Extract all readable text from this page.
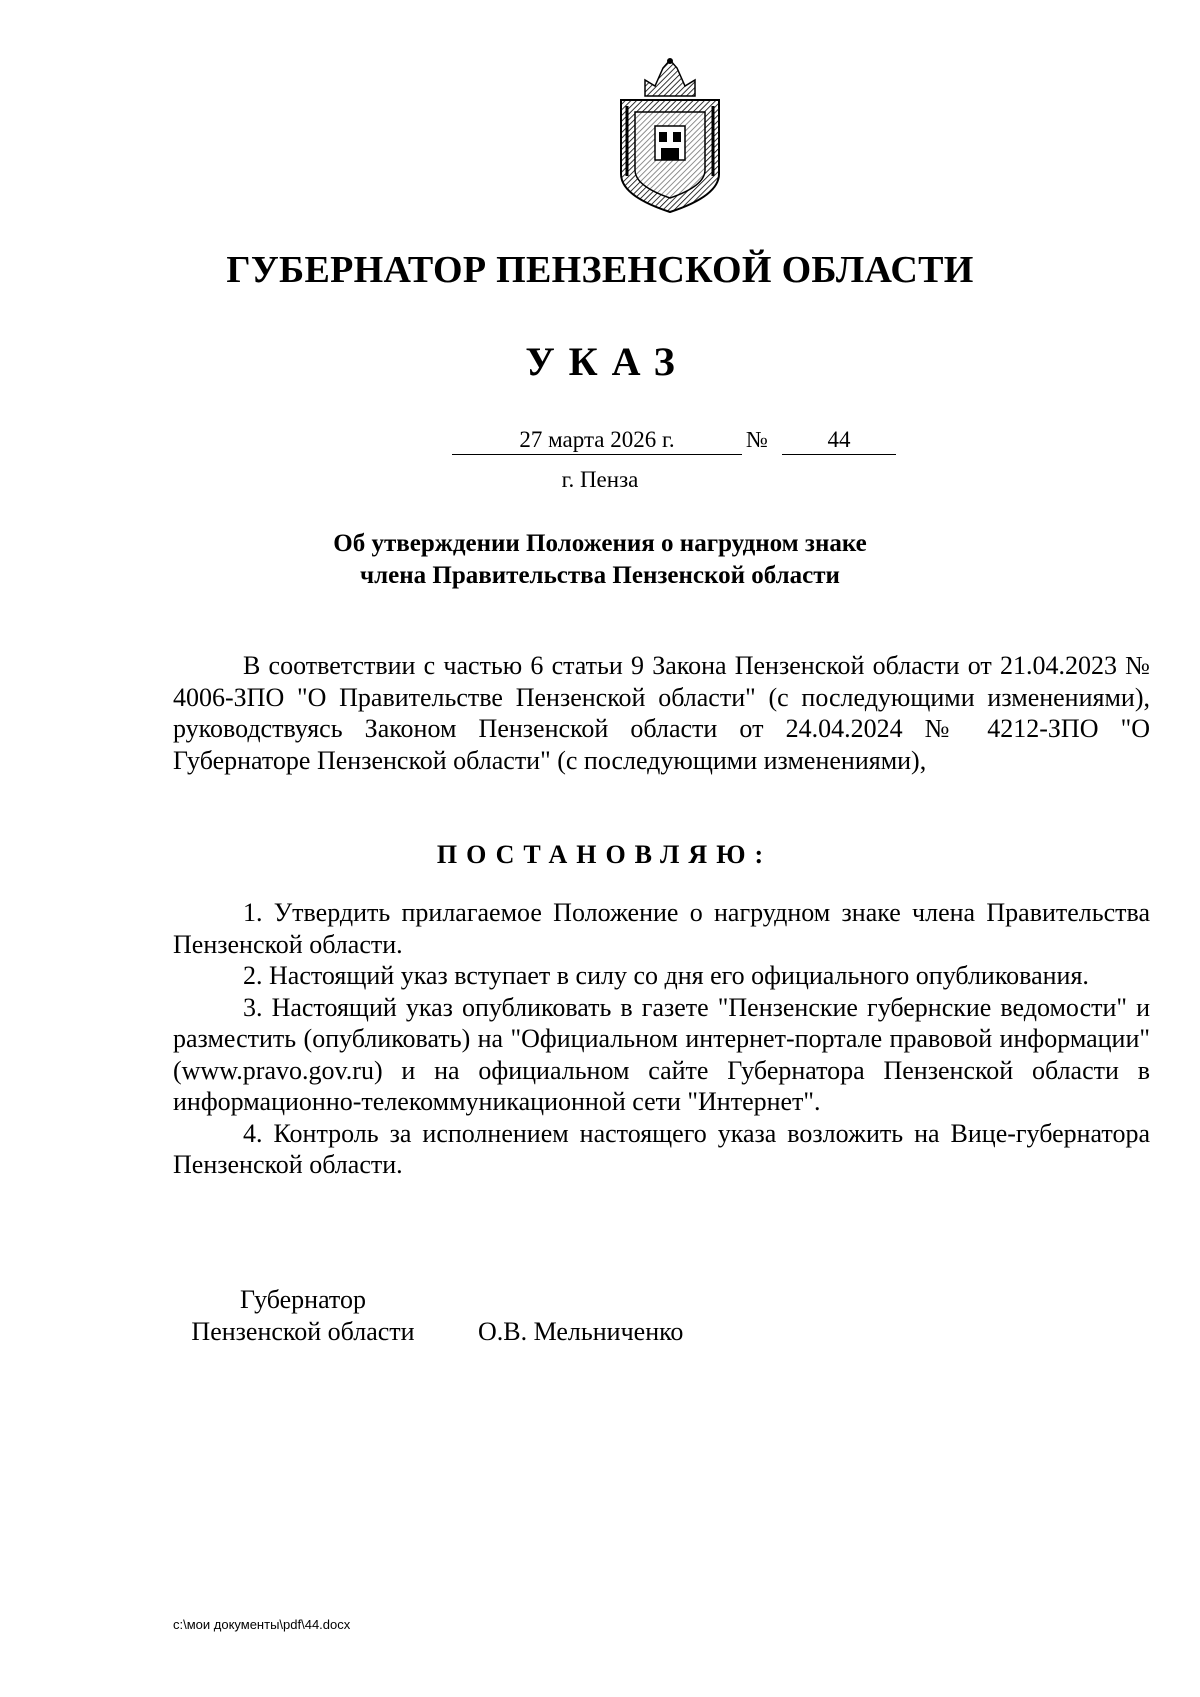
ГУБЕРНАТОР ПЕНЗЕНСКОЙ ОБЛАСТИ
УКАЗ
27 марта 2026 г.	№	44
г. Пенза
Об утверждении Положения о нагрудном знаке
члена Правительства Пензенской области

В соответствии с частью 6 статьи 9 Закона Пензенской области от 21.04.2023 № 4006-ЗПО "О Правительстве Пензенской области" (с последующими изменениями), руководствуясь Законом Пензенской области от 24.04.2024 № 4212-ЗПО "О Губернаторе Пензенской области" (с последующими изменениями),

ПОСТАНОВЛЯЮ:

1. Утвердить прилагаемое Положение о нагрудном знаке члена Правительства Пензенской области.

2. Настоящий указ вступает в силу со дня его официального опубликования.

3. Настоящий указ опубликовать в газете "Пензенские губернские ведомости" и разместить (опубликовать) на "Официальном интернет-портале правовой информации" (www.pravo.gov.ru) и на официальном сайте Губернатора Пензенской области в информационно-телекоммуникационной сети "Интернет".

4. Контроль за исполнением настоящего указа возложить на Вице-губернатора Пензенской области.

Губернатор
Пензенской области	О.В. Мельниченко
c:\мои документы\pdf\44.docx
